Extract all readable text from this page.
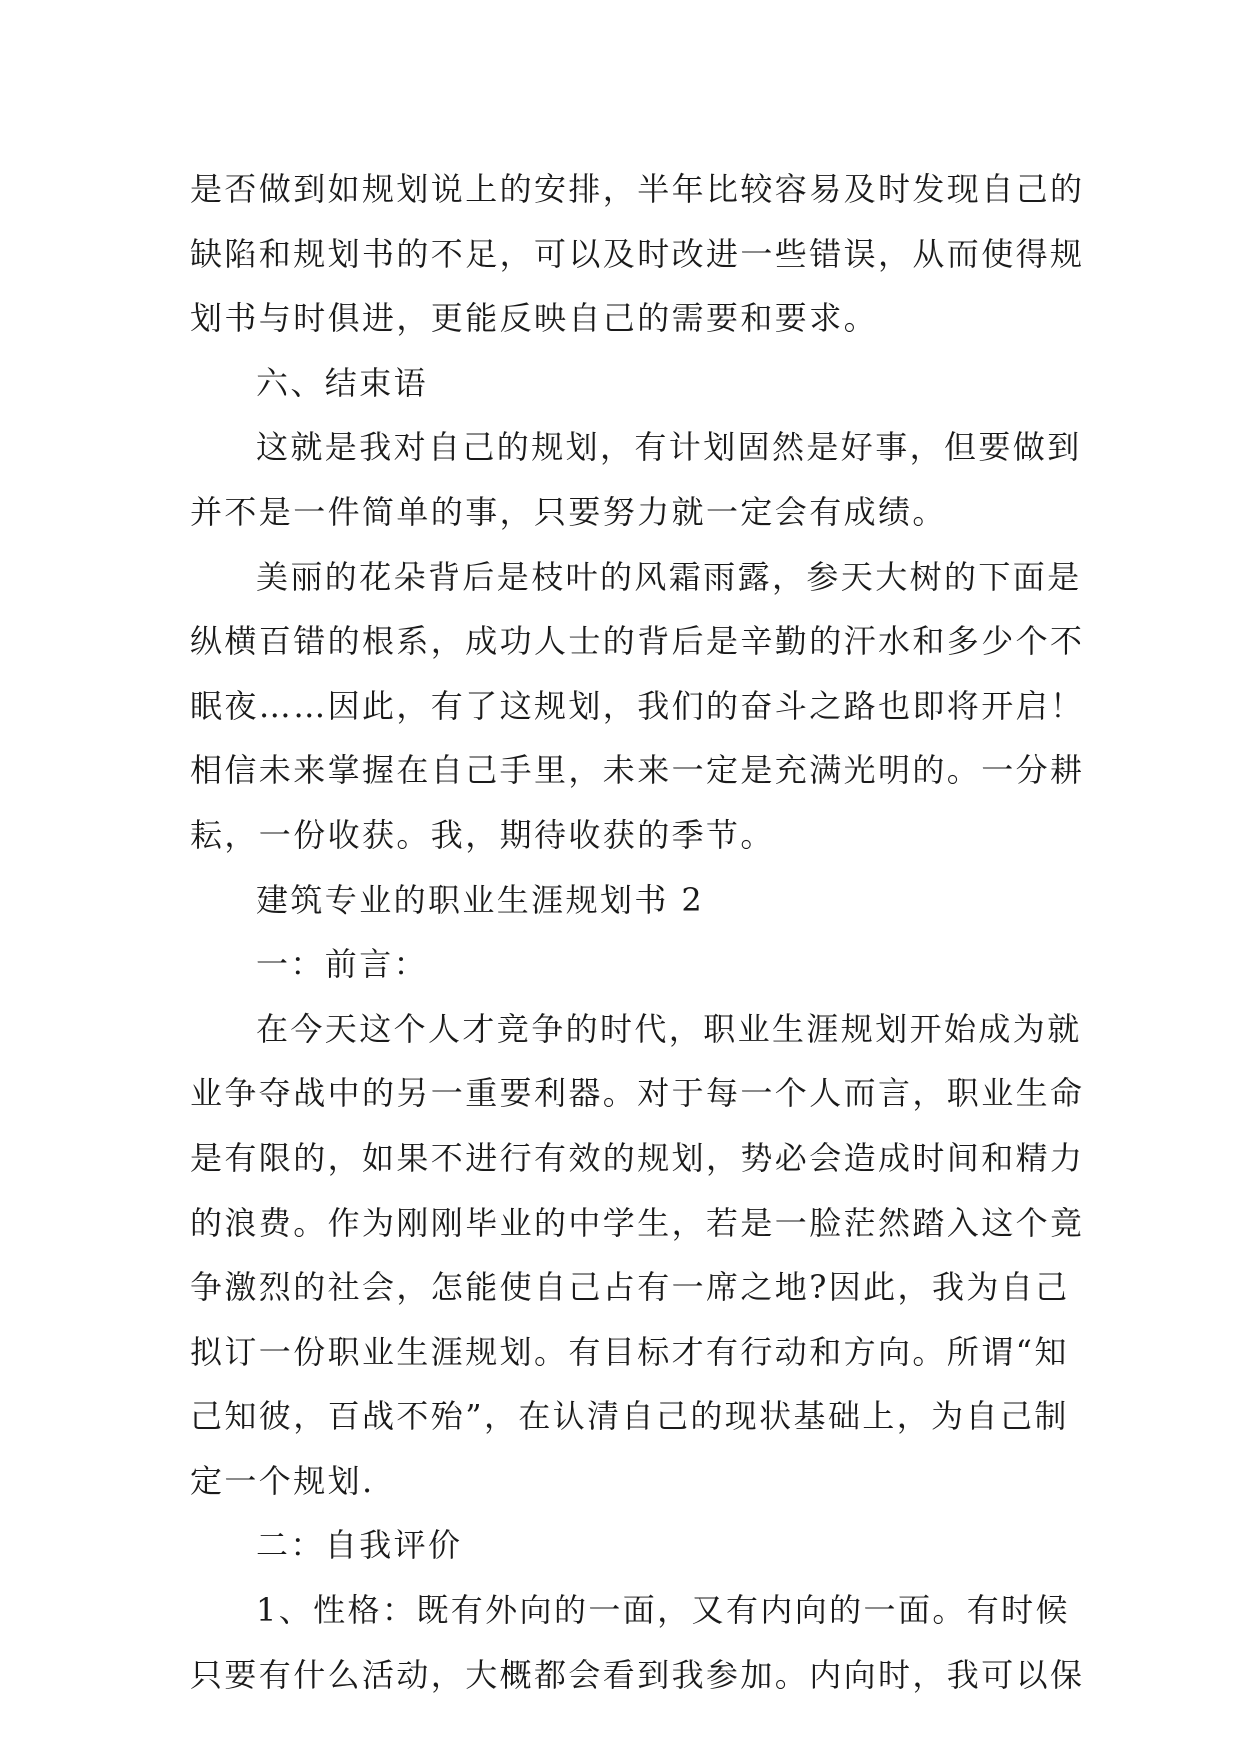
是否做到如规划说上的安排，半年比较容易及时发现自己的
缺陷和规划书的不足，可以及时改进一些错误，从而使得规
划书与时俱进，更能反映自己的需要和要求。
六、结束语
这就是我对自己的规划，有计划固然是好事，但要做到
并不是一件简单的事，只要努力就一定会有成绩。
美丽的花朵背后是枝叶的风霜雨露，参天大树的下面是
纵横百错的根系，成功人士的背后是辛勤的汗水和多少个不
眠夜……因此，有了这规划，我们的奋斗之路也即将开启！
相信未来掌握在自己手里，未来一定是充满光明的。一分耕
耘，一份收获。我，期待收获的季节。
建筑专业的职业生涯规划书 2
一：前言：
在今天这个人才竞争的时代，职业生涯规划开始成为就
业争夺战中的另一重要利器。对于每一个人而言，职业生命
是有限的，如果不进行有效的规划，势必会造成时间和精力
的浪费。作为刚刚毕业的中学生，若是一脸茫然踏入这个竟
争激烈的社会，怎能使自己占有一席之地?因此，我为自己
拟订一份职业生涯规划。有目标才有行动和方向。所谓“知
己知彼，百战不殆”，在认清自己的现状基础上，为自己制
定一个规划.
二：自我评价
1、性格：既有外向的一面，又有内向的一面。有时候
只要有什么活动，大概都会看到我参加。内向时，我可以保
